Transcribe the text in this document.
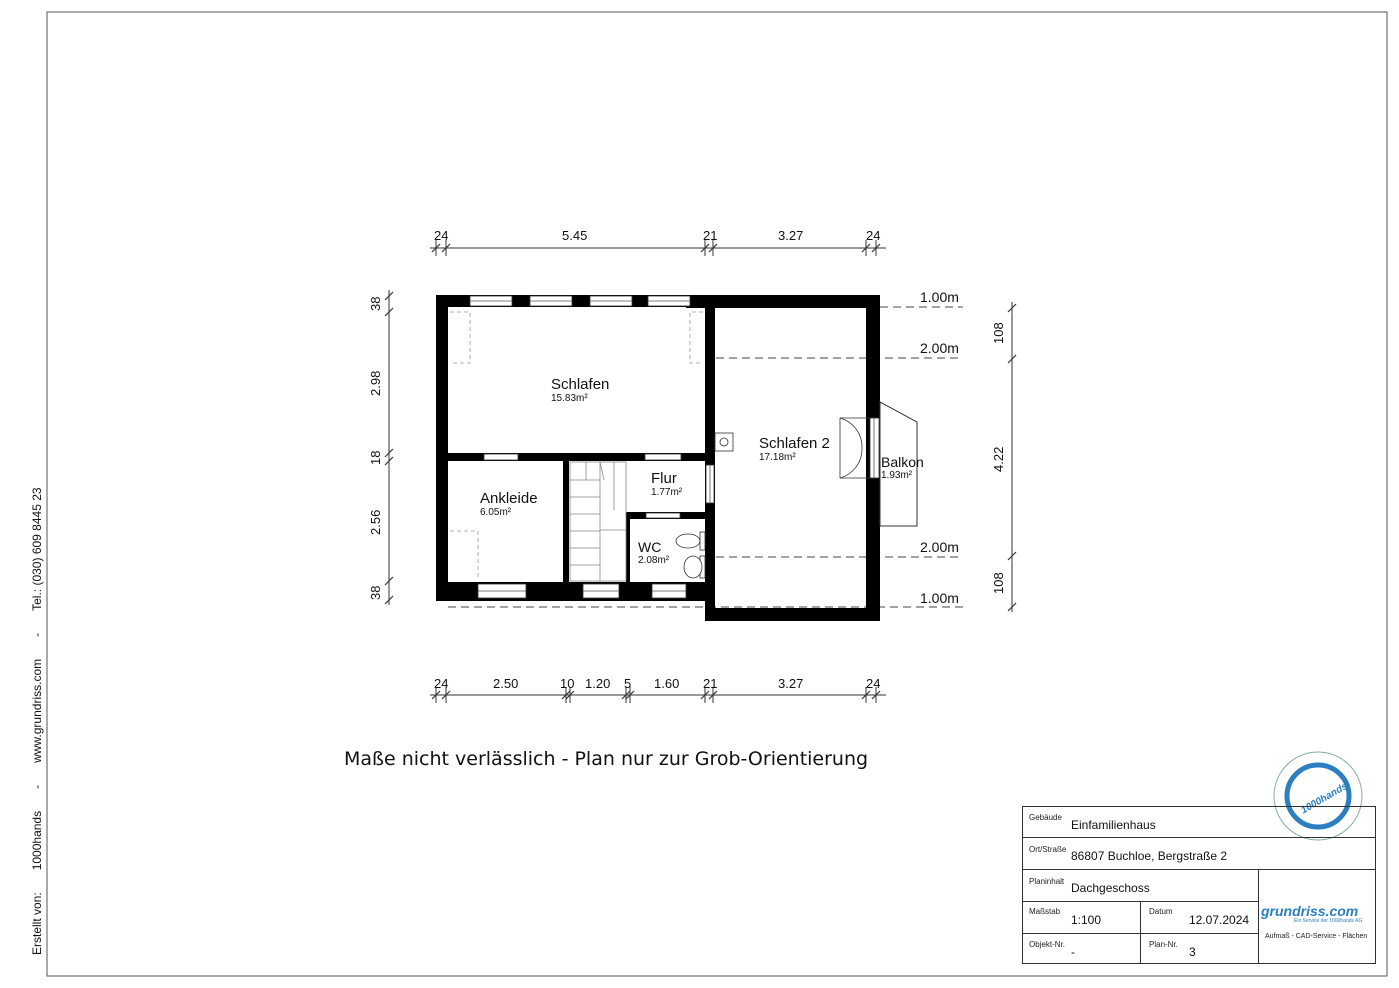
1000hands
24	5.45	21	3.27	24
24	2.50	10 1.20 5 1.60 21	3.27	24
38
2.98
18
2.56
38
108
4.22
108
1.00m
2.00m
2.00m
1.00m
Schlafen
15.83m²
Schlafen 2
17.18m²	Balkon
1.93m²
Ankleide
6.05m²
Flur
1.77m²
WC
2.08m²
Maße nicht verlässlich - Plan nur zur Grob-Orientierung
Erstellt von:1000hands-www.grundriss.com-Tel.: (030) 609 8445 23
Gebäude
Einfamilienhaus
Ort/Straße 86807 Buchloe, Bergstraße 2
Planinhalt Dachgeschoss
Maßstab
1:100
Datum
12.07.2024
Objekt-Nr.
-
Plan-Nr.
3
grundriss.com
Ein Service der 1000hands AG
Aufmaß - CAD-Service - Flächen
